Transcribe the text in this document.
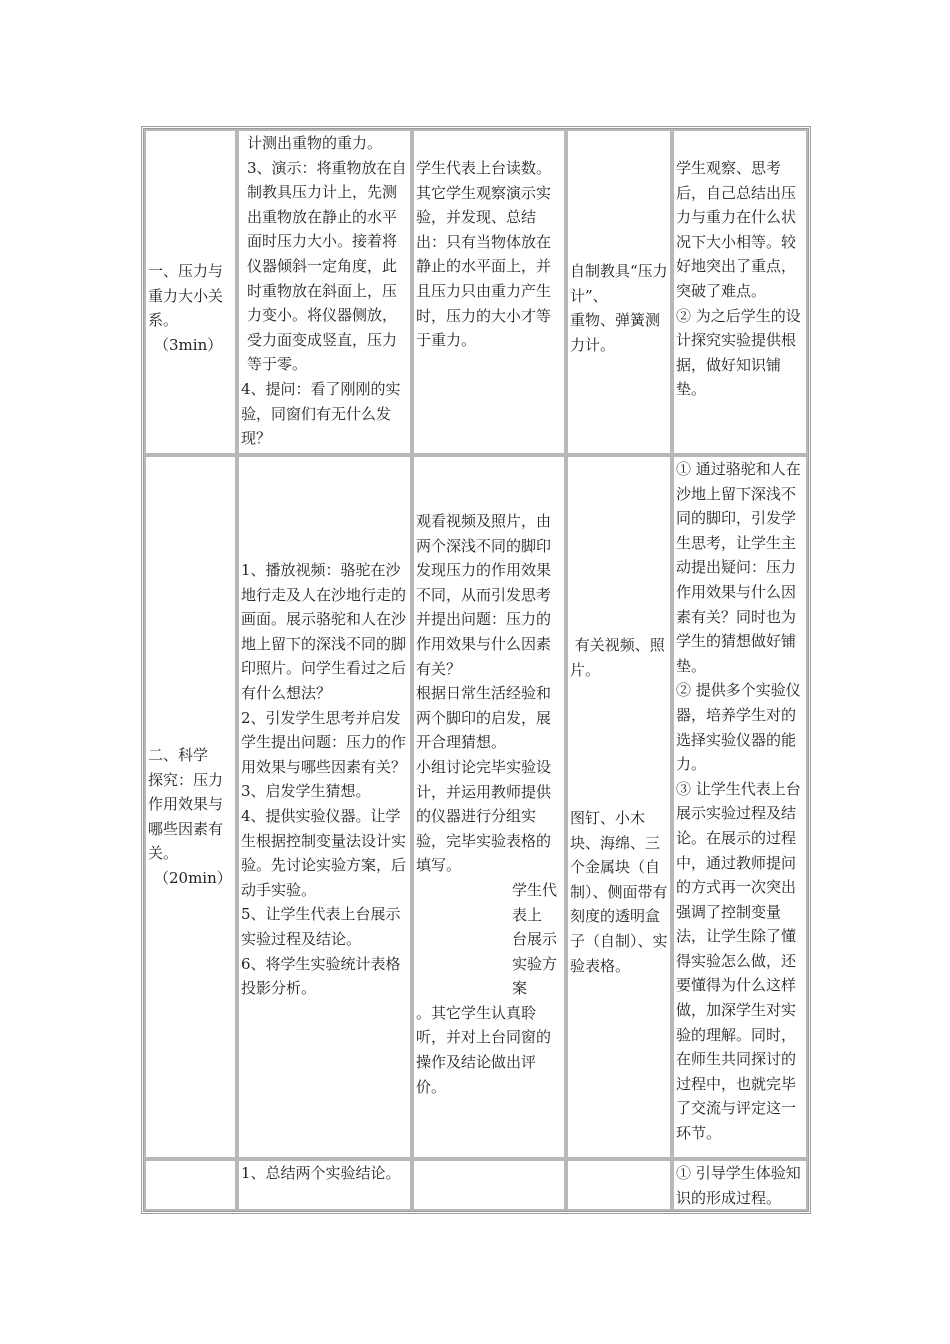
一、压力与

重力大小关

系。

（3min）

计测出重物的重力。

3、演示：将重物放在自制教具压力计上，先测出重物放在静止的水平面时压力大小。接着将仪器倾斜一定角度，此时重物放在斜面上，压力变小。将仪器侧放，受力面变成竖直，压力等于零。

4、提问：看了刚刚的实验，同窗们有无什么发现？

学生代表上台读数。

其它学生观察演示实验，并发现、总结出：只有当物体放在静止的水平面上，并且压力只由重力产生时，压力的大小才等于重力。

自制教具“压力计”、

重物、弹簧测力计。

学生观察、思考后，自己总结出压力与重力在什么状况下大小相等。较好地突出了重点，突破了难点。

② 为之后学生的设计探究实验提供根据，做好知识铺垫。

二、科学

探究：压力

作用效果与

哪些因素有

关。

（20min）

1、播放视频：骆驼在沙地行走及人在沙地行走的画面。展示骆驼和人在沙地上留下的深浅不同的脚印照片。问学生看过之后有什么想法？

2、引发学生思考并启发学生提出问题：压力的作用效果与哪些因素有关？

3、启发学生猜想。

4、提供实验仪器。让学生根据控制变量法设计实验。先讨论实验方案，后动手实验。

5、让学生代表上台展示实验过程及结论。

6、将学生实验统计表格投影分析。

观看视频及照片，由两个深浅不同的脚印发现压力的作用效果不同，从而引发思考并提出问题：压力的作用效果与什么因素有关？

根据日常生活经验和两个脚印的启发，展开合理猜想。

小组讨论完毕实验设计，并运用教师提供的仪器进行分组实验，完毕实验表格的填写。

学生代

表上

台展示

实验方

案

。其它学生认真聆听，并对上台同窗的操作及结论做出评价。

有关视频、照片。

图钉、小木块、海绵、三个金属块（自制）、侧面带有刻度的透明盒子（自制）、实验表格。

① 通过骆驼和人在沙地上留下深浅不同的脚印，引发学生思考，让学生主动提出疑问：压力作用效果与什么因素有关？同时也为学生的猜想做好铺垫。

② 提供多个实验仪器，培养学生对的选择实验仪器的能力。

③ 让学生代表上台展示实验过程及结论。在展示的过程中，通过教师提问的方式再一次突出强调了控制变量法，让学生除了懂得实验怎么做，还要懂得为什么这样做，加深学生对实验的理解。同时，在师生共同探讨的过程中，也就完毕了交流与评定这一环节。

1、总结两个实验结论。	① 引导学生体验知识的形成过程。
